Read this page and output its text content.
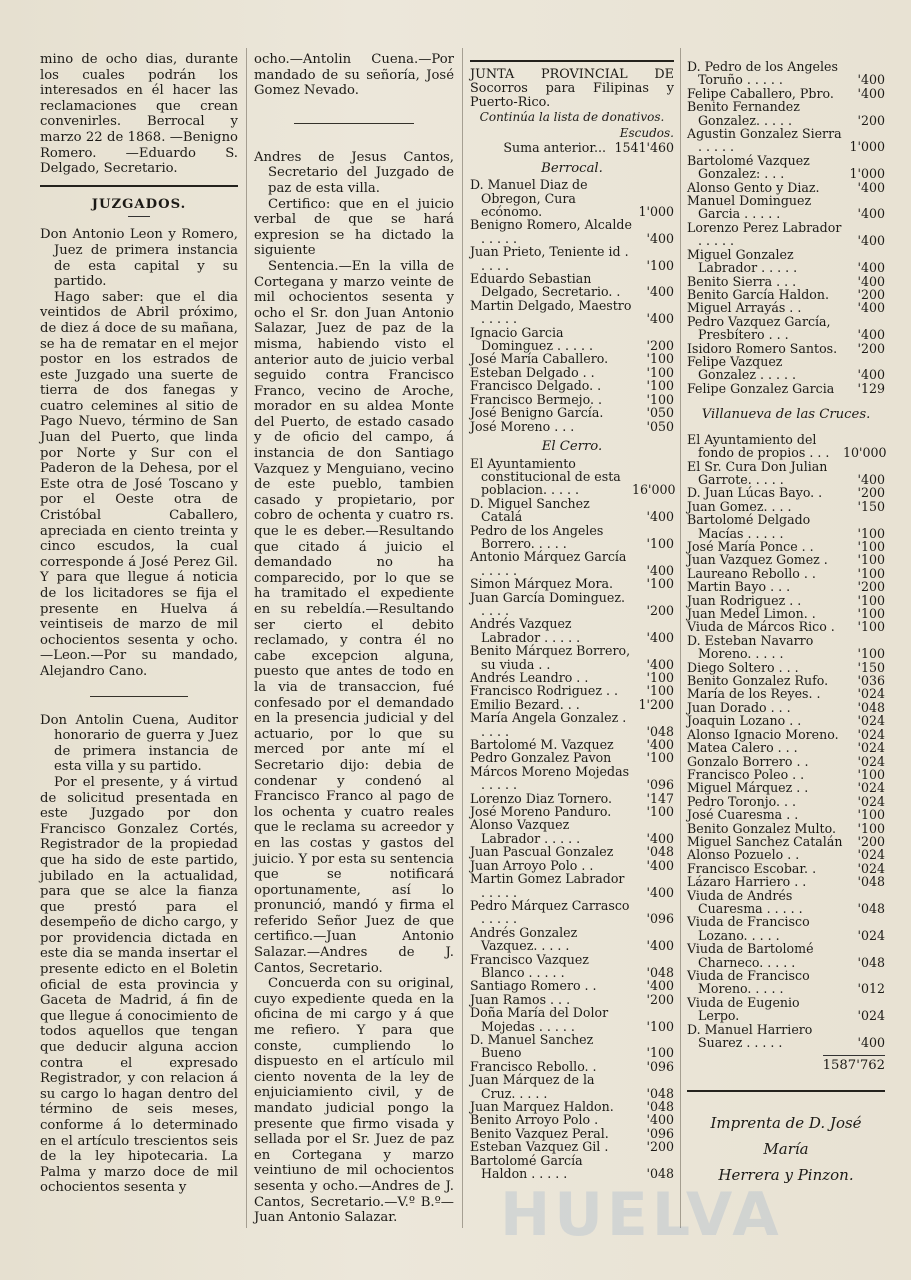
mino de ocho dias, durante los cuales podrán los interesados en él hacer las reclamaciones que crean convenirles. Berrocal y marzo 22 de 1868. —Benigno Romero. —Eduardo S. Delgado, Secretario.

JUZGADOS.

Don Antonio Leon y Romero, Juez de primera instancia de esta capital y su partido.

Hago saber: que el dia veintidos de Abril próximo, de diez á doce de su mañana, se ha de rematar en el mejor postor en los estrados de este Juzgado una suerte de tierra de dos fanegas y cuatro celemines al sitio de Pago Nuevo, término de San Juan del Puerto, que linda por Norte y Sur con el Paderon de la Dehesa, por el Este otra de José Toscano y por el Oeste otra de Cristóbal Caballero, apreciada en ciento treinta y cinco escudos, la cual corresponde á José Perez Gil. Y para que llegue á noticia de los licitadores se fija el presente en Huelva á veintiseis de marzo de mil ochocientos sesenta y ocho.—Leon.—Por su mandado, Alejandro Cano.

Don Antolin Cuena, Auditor honorario de guerra y Juez de primera instancia de esta villa y su partido.

Por el presente, y á virtud de solicitud presentada en este Juzgado por don Francisco Gonzalez Cortés, Registrador de la propiedad que ha sido de este partido, jubilado en la actualidad, para que se alce la fianza que prestó para el desempeño de dicho cargo, y por providencia dictada en este dia se manda insertar el presente edicto en el Boletin oficial de esta provincia y Gaceta de Madrid, á fin de que llegue á conocimiento de todos aquellos que tengan que deducir alguna accion contra el expresado Registrador, y con relacion á su cargo lo hagan dentro del término de seis meses, conforme á lo determinado en el artículo trescientos seis de la ley hipotecaria. La Palma y marzo doce de mil ochocientos sesenta y

ocho.—Antolin Cuena.—Por mandado de su señoría, José Gomez Nevado.

Andres de Jesus Cantos, Secretario del Juzgado de paz de esta villa.

Certifico: que en el juicio verbal de que se hará expresion se ha dictado la siguiente

Sentencia.—En la villa de Cortegana y marzo veinte de mil ochocientos sesenta y ocho el Sr. don Juan Antonio Salazar, Juez de paz de la misma, habiendo visto el anterior auto de juicio verbal seguido contra Francisco Franco, vecino de Aroche, morador en su aldea Monte del Puerto, de estado casado y de oficio del campo, á instancia de don Santiago Vazquez y Menguiano, vecino de este pueblo, tambien casado y propietario, por cobro de ochenta y cuatro rs. que le es deber.—Resultando que citado á juicio el demandado no ha comparecido, por lo que se ha tramitado el expediente en su rebeldía.—Resultando ser cierto el debito reclamado, y contra él no cabe excepcion alguna, puesto que antes de todo en la via de transaccion, fué confesado por el demandado en la presencia judicial y del actuario, por lo que su merced por ante mí el Secretario dijo: debia de condenar y condenó al Francisco Franco al pago de los ochenta y cuatro reales que le reclama su acreedor y en las costas y gastos del juicio. Y por esta su sentencia que se notificará oportunamente, así lo pronunció, mandó y firma el referido Señor Juez de que certifico.—Juan Antonio Salazar.—Andres de J. Cantos, Secretario.

Concuerda con su original, cuyo expediente queda en la oficina de mi cargo y á que me refiero. Y para que conste, cumpliendo lo dispuesto en el artículo mil ciento noventa de la ley de enjuiciamiento civil, y de mandato judicial pongo la presente que firmo visada y sellada por el Sr. Juez de paz en Cortegana y marzo veintiuno de mil ochocientos sesenta y ocho.—Andres de J. Cantos, Secretario.—V.º B.º—Juan Antonio Salazar.

JUNTA PROVINCIAL DE Socorros para Filipinas y Puerto-Rico.

Continúa la lista de donativos.

Escudos.

Suma anterior... 1541'460

Berrocal.

D. Manuel Diaz de Obregon, Cura ecónomo.	1'000
Benigno Romero, Alcalde . . . . .	'400
Juan Prieto, Teniente id . . . . .	'100
Eduardo Sebastian Delgado, Secretario. .	'400
Martin Delgado, Maestro . . . . .	'400
Ignacio Garcia Dominguez . . . . .	'200
José María Caballero.	'100
Esteban Delgado . .	'100
Francisco Delgado. .	'100
Francisco Bermejo. .	'100
José Benigno García.	'050
José Moreno . . .	'050

El Cerro.

El Ayuntamiento constitucional de esta poblacion. . . . .	16'000
D. Miguel Sanchez Catalá	'400
Pedro de los Angeles Borrero. . . . .	'100
Antonio Márquez García . . . . .	'400
Simon Márquez Mora.	'100
Juan García Dominguez. . . . .	'200
Andrés Vazquez Labrador . . . . .	'400
Benito Márquez Borrero, su viuda . .	'400
Andrés Leandro . .	'100
Francisco Rodriguez . .	'100
Emilio Bezard. . .	1'200
María Angela Gonzalez . . . . .	'048
Bartolomé M. Vazquez	'400
Pedro Gonzalez Pavon	'100
Márcos Moreno Mojedas . . . . .	'096
Lorenzo Diaz Tornero.	'147
José Moreno Panduro.	'100
Alonso Vazquez Labrador . . . . .	'400
Juan Pascual Gonzalez	'048
Juan Arroyo Polo . .	'400
Martin Gomez Labrador . . . . .	'400
Pedro Márquez Carrasco . . . . .	'096
Andrés Gonzalez Vazquez. . . . .	'400
Francisco Vazquez Blanco . . . . .	'048
Santiago Romero . .	'400
Juan Ramos . . .	'200
Doña María del Dolor Mojedas . . . . .	'100
D. Manuel Sanchez Bueno	'100
Francisco Rebollo. .	'096
Juan Márquez de la Cruz. . . . .	'048
Juan Marquez Haldon.	'048
Benito Arroyo Polo .	'400
Benito Vazquez Peral.	'096
Esteban Vazquez Gil .	'200
Bartolomé García Haldon . . . . .	'048
D. Pedro de los Angeles Toruño . . . . .	'400
Felipe Caballero, Pbro.	'400
Benito Fernandez Gonzalez. . . . .	'200
Agustin Gonzalez Sierra . . . . .	1'000
Bartolomé Vazquez Gonzalez: . . .	1'000
Alonso Gento y Diaz.	'400
Manuel Dominguez Garcia . . . . .	'400
Lorenzo Perez Labrador . . . . .	'400
Miguel Gonzalez Labrador . . . . .	'400
Benito Sierra . . .	'400
Benito García Haldon.	'200
Miguel Arrayás . .	'400
Pedro Vazquez García, Presbítero . . .	'400
Isidoro Romero Santos.	'200
Felipe Vazquez Gonzalez . . . . .	'400
Felipe Gonzalez Garcia	'129

Villanueva de las Cruces.

El Ayuntamiento del fondo de propios . . .	10'000
El Sr. Cura Don Julian Garrote. . . . .	'400
D. Juan Lúcas Bayo. .	'200
Juan Gomez. . . .	'150
Bartolomé Delgado Macías . . . . .	'100
José María Ponce . .	'100
Juan Vazquez Gomez .	'100
Laureano Rebollo . .	'100
Martin Bayo . . .	'200
Juan Rodriguez . .	'100
Juan Medel Limon. .	'100
Viuda de Márcos Rico .	'100
D. Esteban Navarro Moreno. . . . .	'100
Diego Soltero . . .	'150
Benito Gonzalez Rufo.	'036
María de los Reyes. .	'024
Juan Dorado . . .	'048
Joaquin Lozano . .	'024
Alonso Ignacio Moreno.	'024
Matea Calero . . .	'024
Gonzalo Borrero . .	'024
Francisco Poleo . .	'100
Miguel Márquez . .	'024
Pedro Toronjo. . .	'024
José Cuaresma . .	'100
Benito Gonzalez Multo.	'100
Miguel Sanchez Catalán	'200
Alonso Pozuelo . .	'024
Francisco Escobar. .	'024
Lázaro Harriero . .	'048
Viuda de Andrés Cuaresma . . . . .	'048
Viuda de Francisco Lozano. . . . .	'024
Viuda de Bartolomé Charneco. . . . .	'048
Viuda de Francisco Moreno. . . . .	'012
Viuda de Eugenio Lerpo.	'024
D. Manuel Harriero Suarez . . . . .	'400
1587'762

Imprenta de D. José María

Herrera y Pinzon.

HUELVA
